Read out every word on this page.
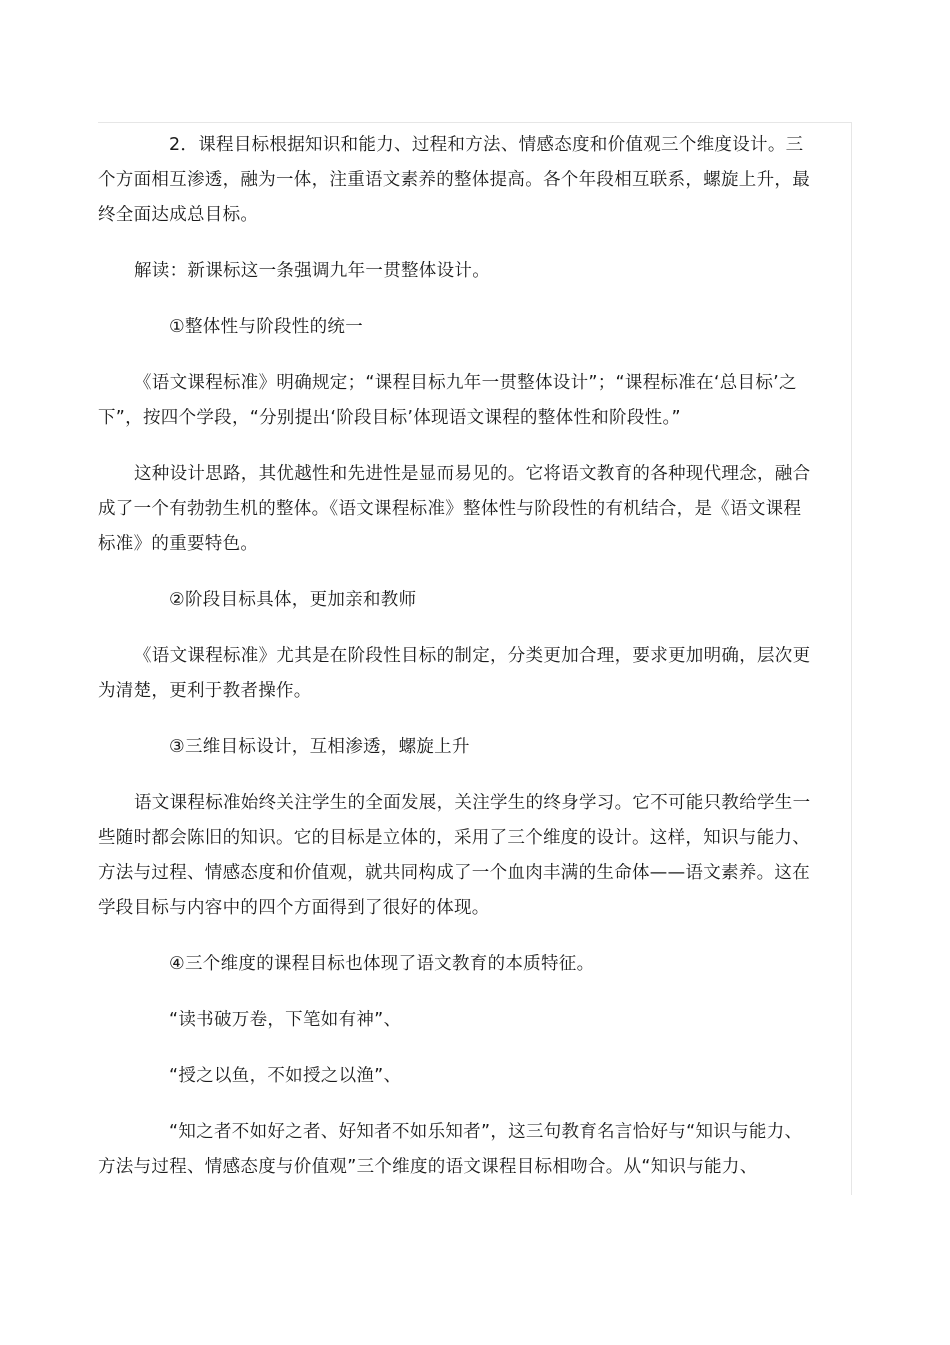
2．课程目标根据知识和能力、过程和方法、情感态度和价值观三个维度设计。三个方面相互渗透，融为一体，注重语文素养的整体提高。各个年段相互联系，螺旋上升，最终全面达成总目标。

解读：新课标这一条强调九年一贯整体设计。

①整体性与阶段性的统一

《语文课程标准》明确规定；“课程目标九年一贯整体设计”；“课程标准在‘总目标’之下”，按四个学段，“分别提出‘阶段目标’体现语文课程的整体性和阶段性。”

这种设计思路，其优越性和先进性是显而易见的。它将语文教育的各种现代理念，融合成了一个有勃勃生机的整体。《语文课程标准》整体性与阶段性的有机结合，是《语文课程标准》的重要特色。

②阶段目标具体，更加亲和教师

《语文课程标准》尤其是在阶段性目标的制定，分类更加合理，要求更加明确，层次更为清楚，更利于教者操作。

③三维目标设计，互相渗透，螺旋上升

语文课程标准始终关注学生的全面发展，关注学生的终身学习。它不可能只教给学生一些随时都会陈旧的知识。它的目标是立体的，采用了三个维度的设计。这样，知识与能力、方法与过程、情感态度和价值观，就共同构成了一个血肉丰满的生命体——语文素养。这在学段目标与内容中的四个方面得到了很好的体现。

④三个维度的课程目标也体现了语文教育的本质特征。

“读书破万卷，下笔如有神”、

“授之以鱼，不如授之以渔”、

“知之者不如好之者、好知者不如乐知者”，这三句教育名言恰好与“知识与能力、方法与过程、情感态度与价值观”三个维度的语文课程目标相吻合。从“知识与能力、
